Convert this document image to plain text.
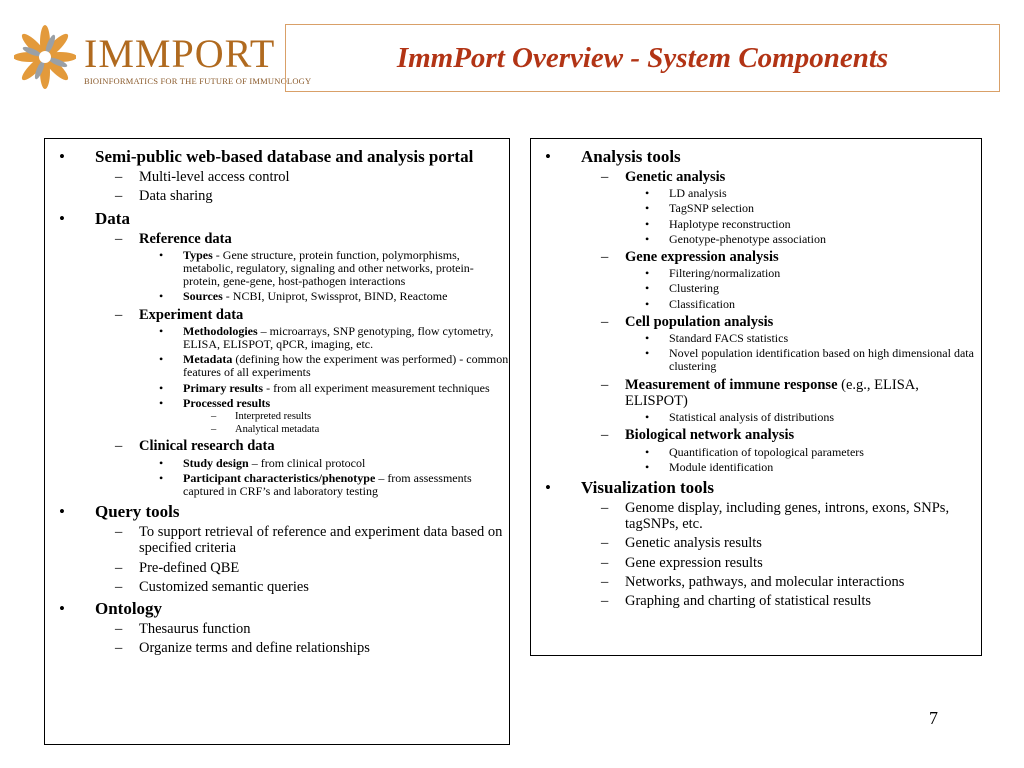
IMMPORT
BIOINFORMATICS FOR THE FUTURE OF IMMUNOLOGY
ImmPort Overview - System Components
• Semi-public web-based database and analysis portal
– Multi-level access control
– Data sharing
• Data
– Reference data
• Types - Gene structure, protein function, polymorphisms, metabolic, regulatory, signaling and other networks, protein-protein, gene-gene, host-pathogen interactions
• Sources - NCBI, Uniprot, Swissprot, BIND, Reactome
– Experiment data
• Methodologies – microarrays, SNP genotyping, flow cytometry, ELISA, ELISPOT, qPCR, imaging, etc.
• Metadata (defining how the experiment was performed) - common features of all experiments
• Primary results - from all experiment measurement techniques
• Processed results
– Interpreted results
– Analytical metadata
– Clinical research data
• Study design – from clinical protocol
• Participant characteristics/phenotype – from assessments captured in CRF’s and laboratory testing
• Query tools
– To support retrieval of reference and experiment data based on specified criteria
– Pre-defined QBE
– Customized semantic queries
• Ontology
– Thesaurus function
– Organize terms and define relationships
• Analysis tools
– Genetic analysis
• LD analysis
• TagSNP selection
• Haplotype reconstruction
• Genotype-phenotype association
– Gene expression analysis
• Filtering/normalization
• Clustering
• Classification
– Cell population analysis
• Standard FACS statistics
• Novel population identification based on high dimensional data clustering
– Measurement of immune response (e.g., ELISA, ELISPOT)
• Statistical analysis of distributions
– Biological network analysis
• Quantification of topological parameters
• Module identification
• Visualization tools
– Genome display, including genes, introns, exons, SNPs, tagSNPs, etc.
– Genetic analysis results
– Gene expression results
– Networks, pathways, and molecular interactions
– Graphing and charting of statistical results
7
